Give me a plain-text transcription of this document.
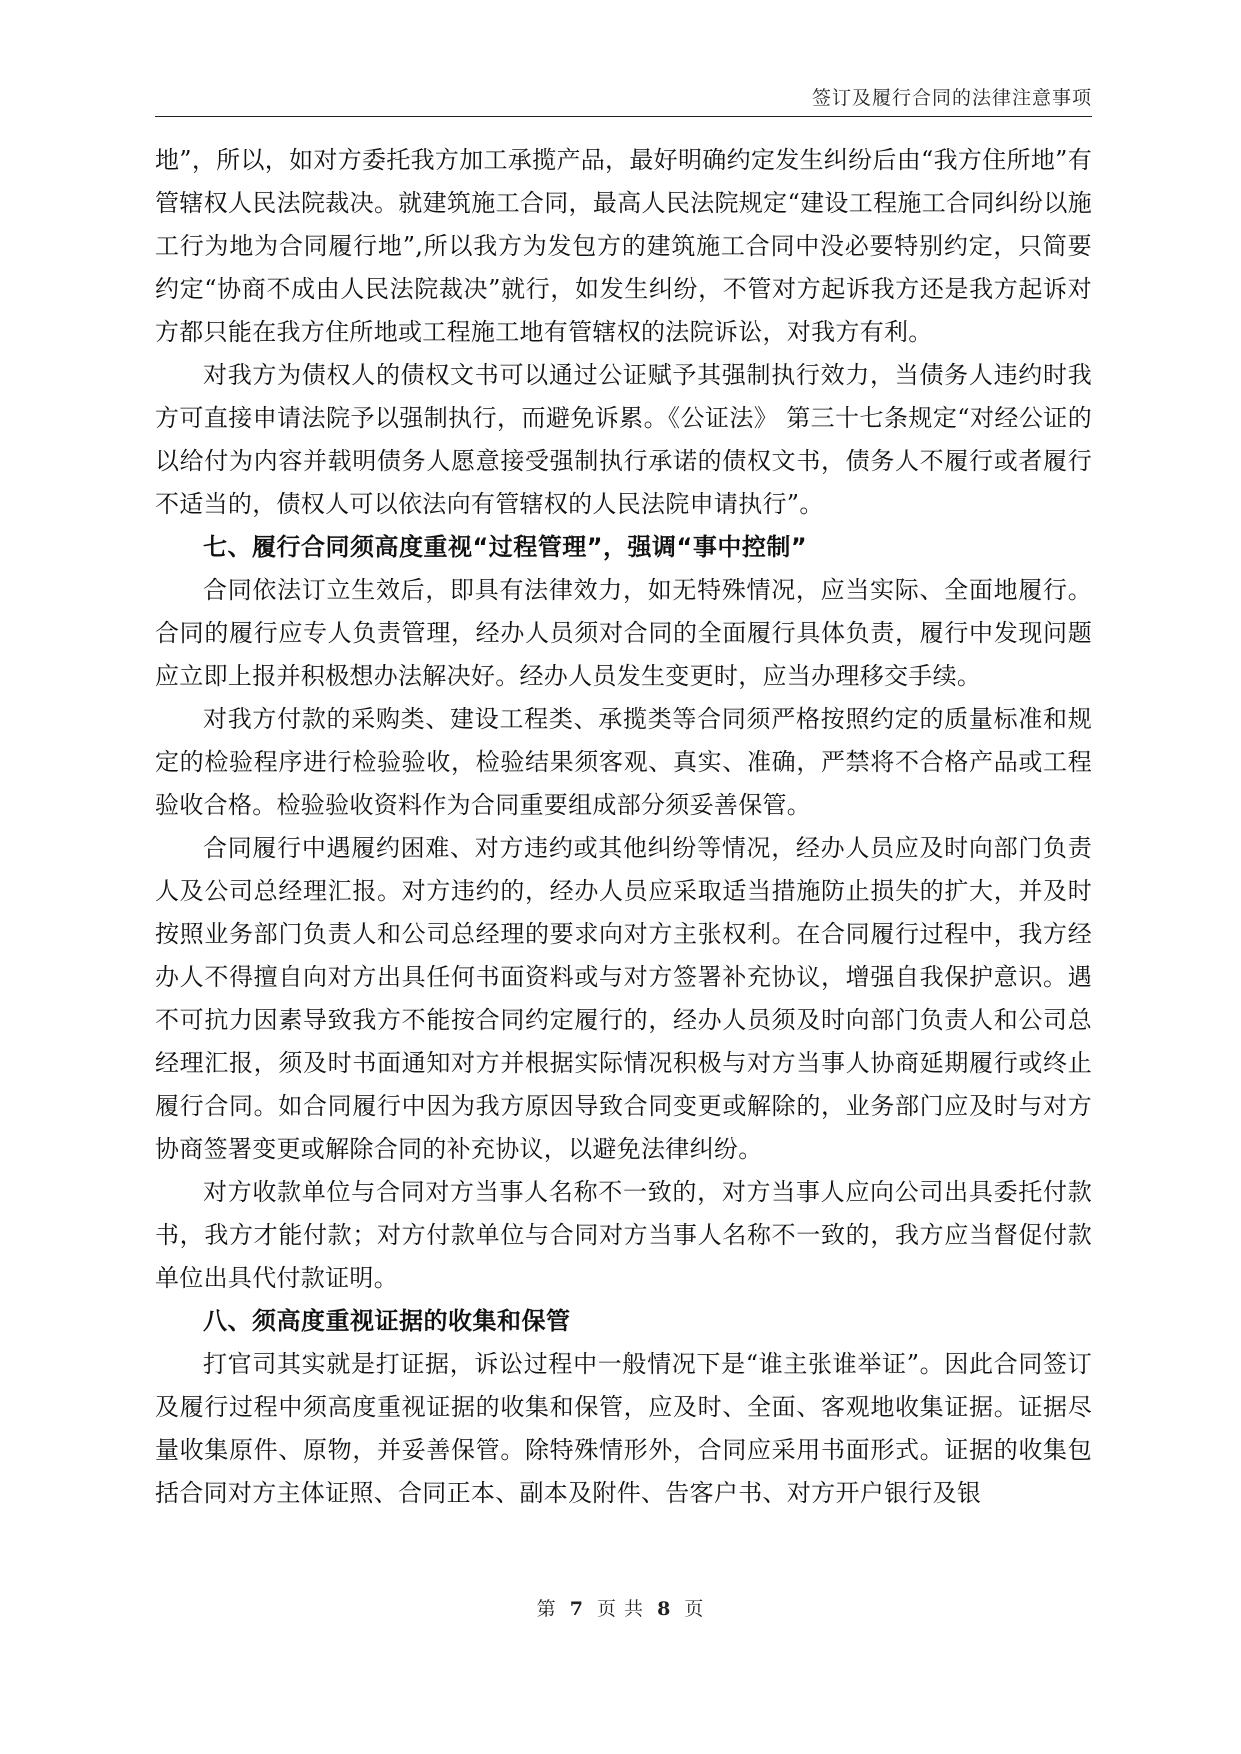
签订及履行合同的法律注意事项

地”，所以，如对方委托我方加工承揽产品，最好明确约定发生纠纷后由“我方住所地”有管辖权人民法院裁决。就建筑施工合同，最高人民法院规定“建设工程施工合同纠纷以施工行为地为合同履行地”,所以我方为发包方的建筑施工合同中没必要特别约定，只简要约定“协商不成由人民法院裁决”就行，如发生纠纷，不管对方起诉我方还是我方起诉对方都只能在我方住所地或工程施工地有管辖权的法院诉讼，对我方有利。

对我方为债权人的债权文书可以通过公证赋予其强制执行效力，当债务人违约时我方可直接申请法院予以强制执行，而避免诉累。《公证法》 第三十七条规定“对经公证的以给付为内容并载明债务人愿意接受强制执行承诺的债权文书，债务人不履行或者履行不适当的，债权人可以依法向有管辖权的人民法院申请执行”。

七、履行合同须高度重视“过程管理”，强调“事中控制”

合同依法订立生效后，即具有法律效力，如无特殊情况，应当实际、全面地履行。合同的履行应专人负责管理，经办人员须对合同的全面履行具体负责，履行中发现问题应立即上报并积极想办法解决好。经办人员发生变更时，应当办理移交手续。

对我方付款的采购类、建设工程类、承揽类等合同须严格按照约定的质量标准和规定的检验程序进行检验验收，检验结果须客观、真实、准确，严禁将不合格产品或工程验收合格。检验验收资料作为合同重要组成部分须妥善保管。

合同履行中遇履约困难、对方违约或其他纠纷等情况，经办人员应及时向部门负责人及公司总经理汇报。对方违约的，经办人员应采取适当措施防止损失的扩大，并及时按照业务部门负责人和公司总经理的要求向对方主张权利。在合同履行过程中，我方经办人不得擅自向对方出具任何书面资料或与对方签署补充协议，增强自我保护意识。遇不可抗力因素导致我方不能按合同约定履行的，经办人员须及时向部门负责人和公司总经理汇报，须及时书面通知对方并根据实际情况积极与对方当事人协商延期履行或终止履行合同。如合同履行中因为我方原因导致合同变更或解除的，业务部门应及时与对方协商签署变更或解除合同的补充协议，以避免法律纠纷。

对方收款单位与合同对方当事人名称不一致的，对方当事人应向公司出具委托付款书，我方才能付款；对方付款单位与合同对方当事人名称不一致的，我方应当督促付款单位出具代付款证明。

八、须高度重视证据的收集和保管

打官司其实就是打证据，诉讼过程中一般情况下是“谁主张谁举证”。因此合同签订及履行过程中须高度重视证据的收集和保管，应及时、全面、客观地收集证据。证据尽量收集原件、原物，并妥善保管。除特殊情形外，合同应采用书面形式。证据的收集包括合同对方主体证照、合同正本、副本及附件、告客户书、对方开户银行及银

第 7 页 共 8 页
